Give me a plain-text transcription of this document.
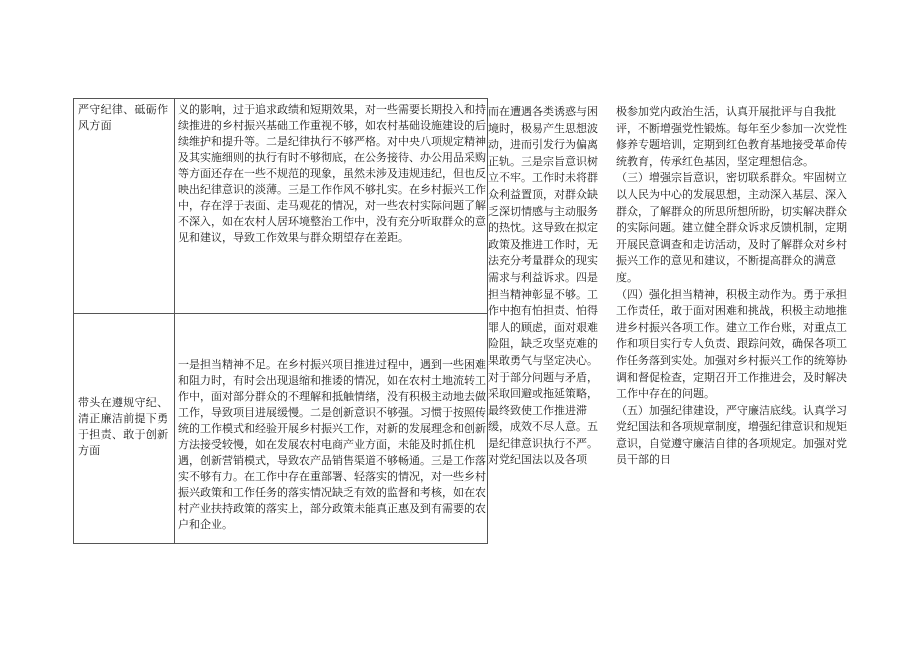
严守纪律、砥砺作风方面

义的影响，过于追求政绩和短期效果，对一些需要长期投入和持续推进的乡村振兴基础工作重视不够，如农村基础设施建设的后续维护和提升等。二是纪律执行不够严格。对中央八项规定精神及其实施细则的执行有时不够彻底，在公务接待、办公用品采购等方面还存在一些不规范的现象，虽然未涉及违规违纪，但也反映出纪律意识的淡薄。三是工作作风不够扎实。在乡村振兴工作中，存在浮于表面、走马观花的情况，对一些农村实际问题了解不深入，如在农村人居环境整治工作中，没有充分听取群众的意见和建议，导致工作效果与群众期望存在差距。

带头在遵规守纪、清正廉洁前提下勇于担责、敢于创新方面

一是担当精神不足。在乡村振兴项目推进过程中，遇到一些困难和阻力时，有时会出现退缩和推诿的情况，如在农村土地流转工作中，面对部分群众的不理解和抵触情绪，没有积极主动地去做工作，导致项目进展缓慢。二是创新意识不够强。习惯于按照传统的工作模式和经验开展乡村振兴工作，对新的发展理念和创新方法接受较慢，如在发展农村电商产业方面，未能及时抓住机遇，创新营销模式，导致农产品销售渠道不够畅通。三是工作落实不够有力。在工作中存在重部署、轻落实的情况，对一些乡村振兴政策和工作任务的落实情况缺乏有效的监督和考核，如在农村产业扶持政策的落实上，部分政策未能真正惠及到有需要的农户和企业。

而在遭遇各类诱惑与困境时，极易产生思想波动，进而引发行为偏离正轨。三是宗旨意识树立不牢。工作时未将群众利益置顶，对群众缺乏深切情感与主动服务的热忱。这导致在拟定政策及推进工作时，无法充分考量群众的现实需求与利益诉求。四是担当精神彰显不够。工作中抱有怕担责、怕得罪人的顾虑，面对艰难险阻，缺乏攻坚克难的果敢勇气与坚定决心。对于部分问题与矛盾，采取回避或拖延策略，最终致使工作推进滞缓，成效不尽人意。五是纪律意识执行不严。对党纪国法以及各项

极参加党内政治生活，认真开展批评与自我批评，不断增强党性锻炼。每年至少参加一次党性修养专题培训，定期到红色教育基地接受革命传统教育，传承红色基因，坚定理想信念。

（三）增强宗旨意识，密切联系群众。牢固树立以人民为中心的发展思想，主动深入基层、深入群众，了解群众的所思所想所盼，切实解决群众的实际问题。建立健全群众诉求反馈机制，定期开展民意调查和走访活动，及时了解群众对乡村振兴工作的意见和建议，不断提高群众的满意度。

（四）强化担当精神，积极主动作为。勇于承担工作责任，敢于面对困难和挑战，积极主动地推进乡村振兴各项工作。建立工作台账，对重点工作和项目实行专人负责、跟踪问效，确保各项工作任务落到实处。加强对乡村振兴工作的统筹协调和督促检查，定期召开工作推进会，及时解决工作中存在的问题。

（五）加强纪律建设，严守廉洁底线。认真学习党纪国法和各项规章制度，增强纪律意识和规矩意识，自觉遵守廉洁自律的各项规定。加强对党员干部的日
